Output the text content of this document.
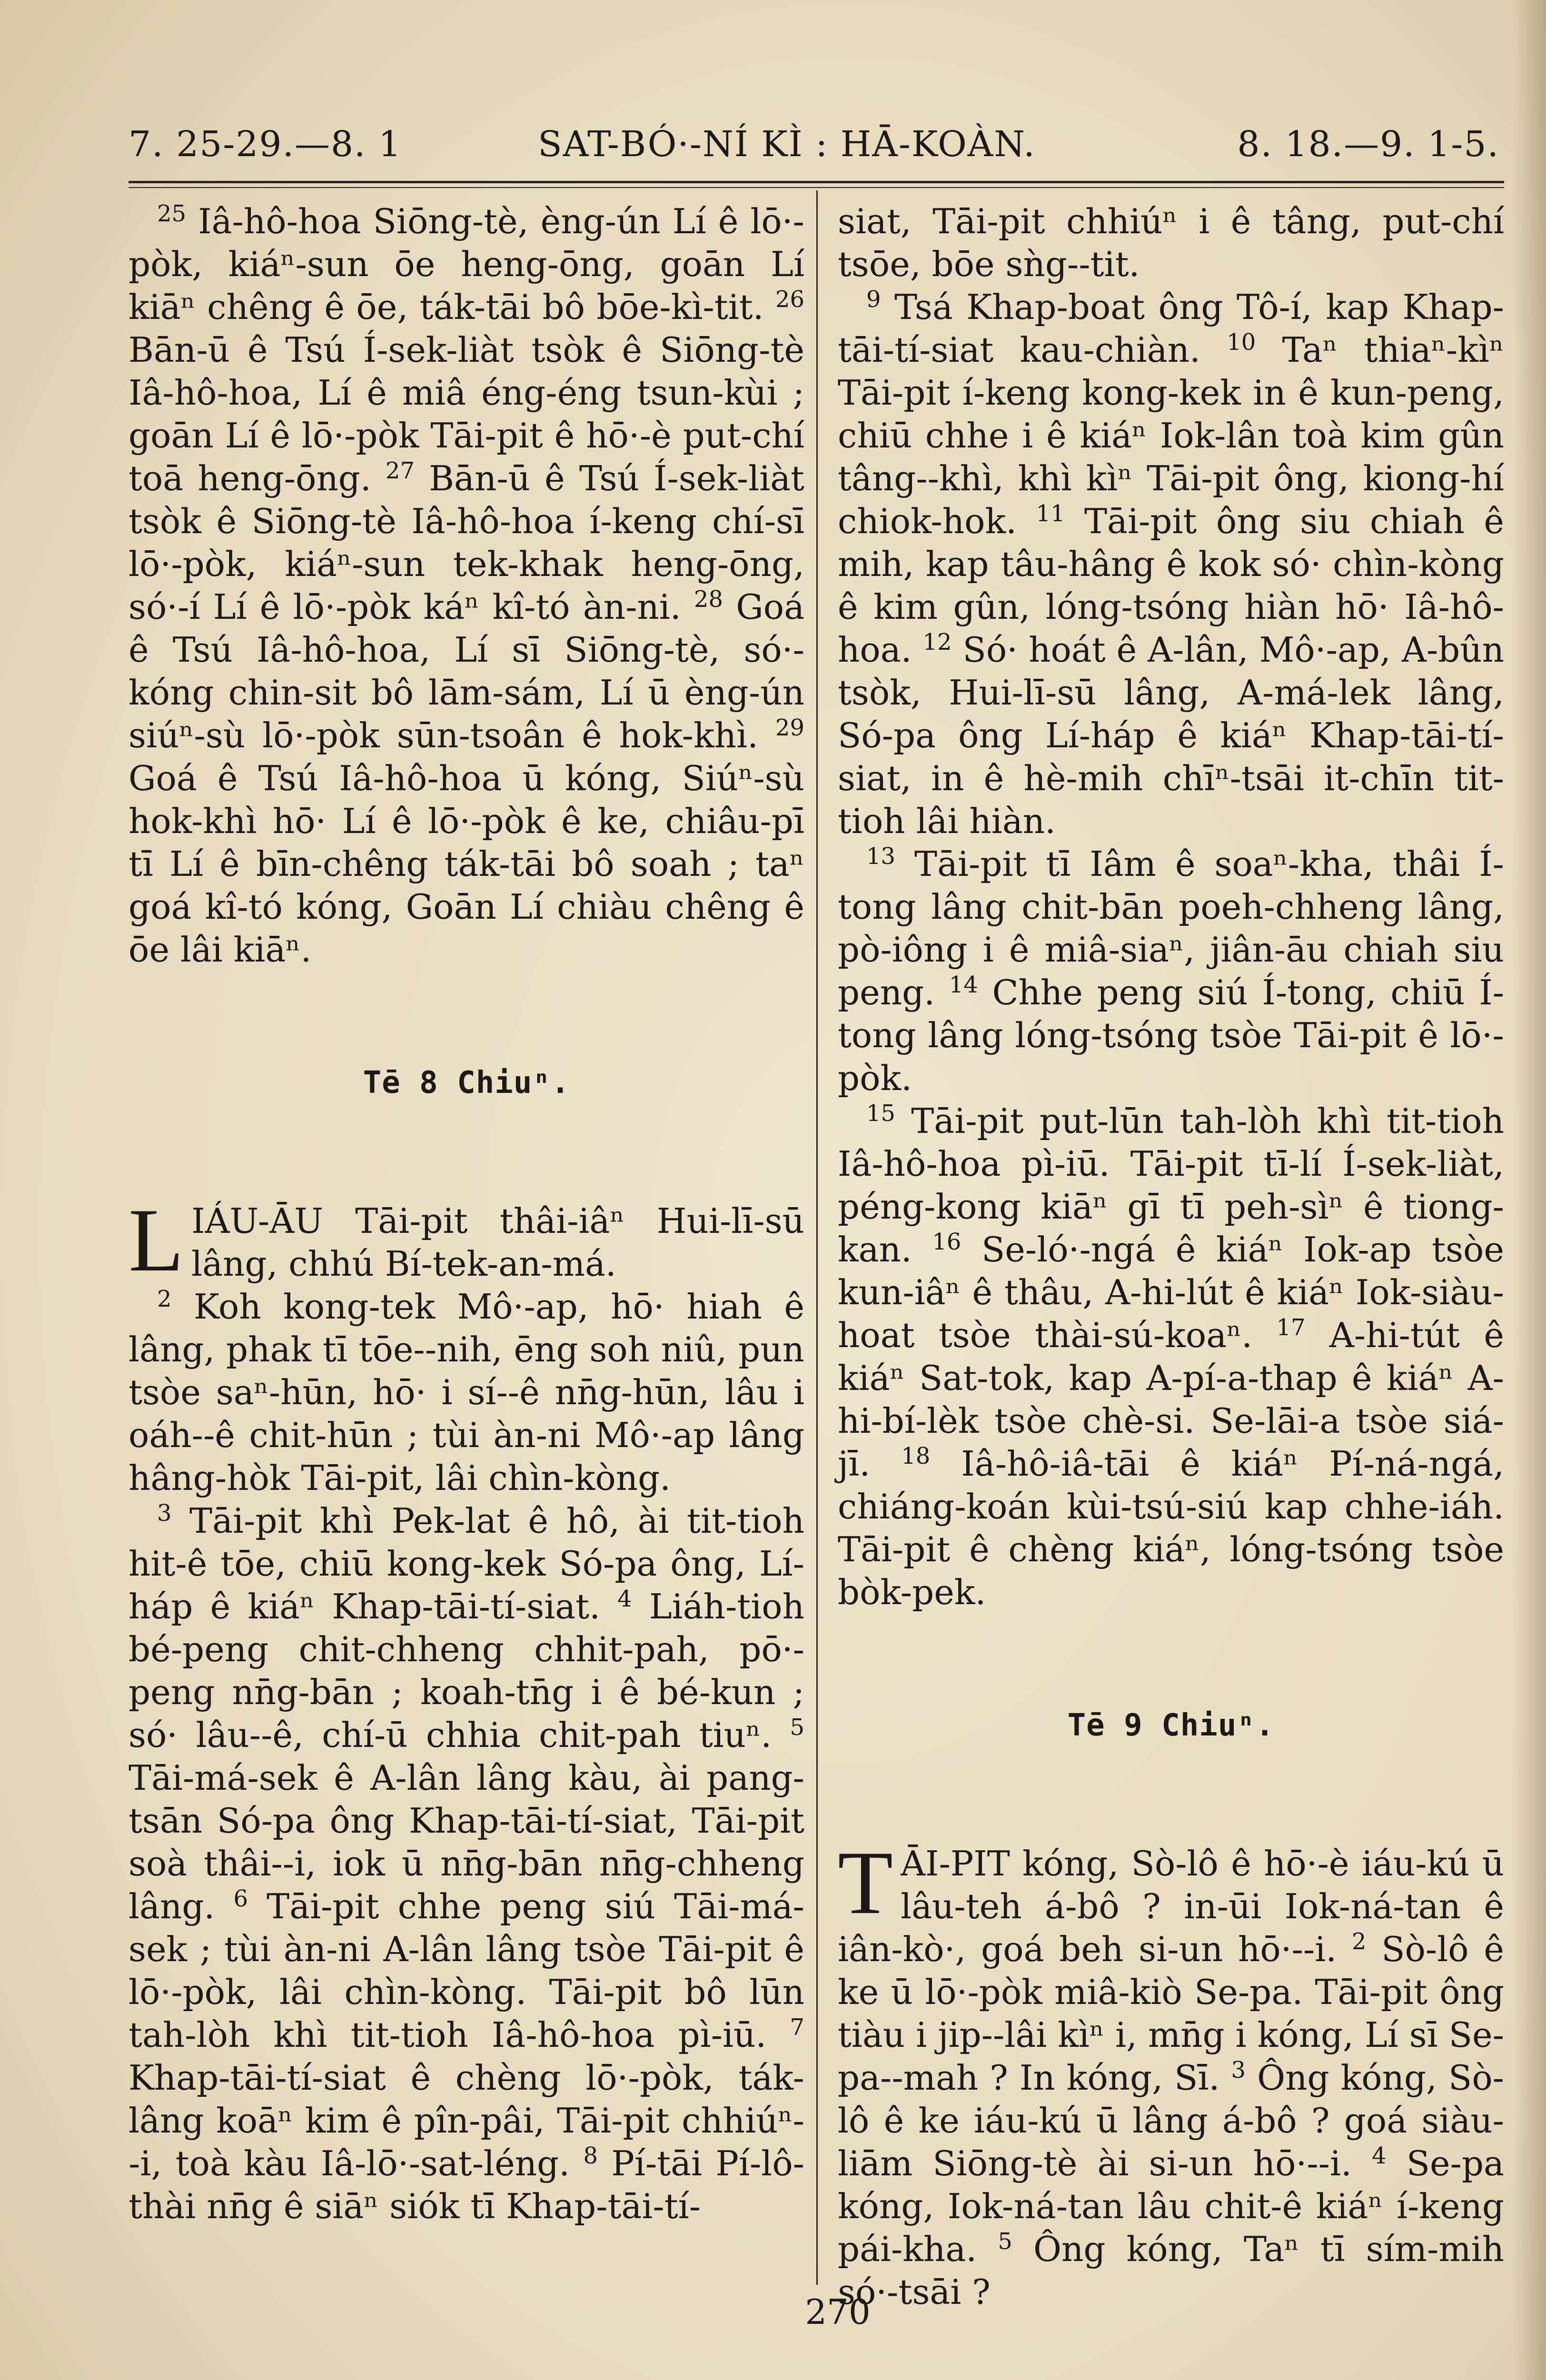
7. 25-29.—8. 1	SAT-BÓ·-NÍ KÌ : HĀ-KOÀN.	8. 18.—9. 1-5.

$^{25}$ Iâ-hô-hoa Siōng-tè, èng-ún Lí ê lō·-pòk, kiáⁿ-sun ōe heng-ōng, goān Lí kiāⁿ chêng ê ōe, ták-tāi bô bōe-kì-tit. $^{26}$ Bān-ū ê Tsú Í-sek-liàt tsòk ê Siōng-tè Iâ-hô-hoa, Lí ê miâ éng-éng tsun-kùi ; goān Lí ê lō·-pòk Tāi-pit ê hō·-è put-chí toā heng-ōng. $^{27}$ Bān-ū ê Tsú Í-sek-liàt tsòk ê Siōng-tè Iâ-hô-hoa í-keng chí-sī lō·-pòk, kiáⁿ-sun tek-khak heng-ōng, só·-í Lí ê lō·-pòk káⁿ kî-tó àn-ni. $^{28}$ Goá ê Tsú Iâ-hô-hoa, Lí sī Siōng-tè, só·-kóng chin-sit bô lām-sám, Lí ū èng-ún siúⁿ-sù lō·-pòk sūn-tsoân ê hok-khì. $^{29}$ Goá ê Tsú Iâ-hô-hoa ū kóng, Siúⁿ-sù hok-khì hō· Lí ê lō·-pòk ê ke, chiâu-pī tī Lí ê bīn-chêng ták-tāi bô soah ; taⁿ goá kî-tó kóng, Goān Lí chiàu chêng ê ōe lâi kiāⁿ.

Tē 8 Chiuⁿ.
L IÁU-ĀU Tāi-pit thâi-iâⁿ Hui-lī-sū lâng, chhú Bí-tek-an-má.

$^2$ Koh kong-tek Mô·-ap, hō· hiah ê lâng, phak tī tōe--nih, ēng soh niû, pun tsòe saⁿ-hūn, hō· i sí--ê nn̄g-hūn, lâu i oáh--ê chit-hūn ; tùi àn-ni Mô·-ap lâng hâng-hòk Tāi-pit, lâi chìn-kòng.

$^3$ Tāi-pit khì Pek-lat ê hô, ài tit-tioh hit-ê tōe, chiū kong-kek Só-pa ông, Lí-háp ê kiáⁿ Khap-tāi-tí-siat. $^4$ Liáh-tioh bé-peng chit-chheng chhit-pah, pō·-peng nn̄g-bān ; koah-tn̄g i ê bé-kun ; só· lâu--ê, chí-ū chhia chit-pah tiuⁿ. $^5$ Tāi-má-sek ê A-lân lâng kàu, ài pang-tsān Só-pa ông Khap-tāi-tí-siat, Tāi-pit soà thâi--i, iok ū nn̄g-bān nn̄g-chheng lâng. $^6$ Tāi-pit chhe peng siú Tāi-má-sek ; tùi àn-ni A-lân lâng tsòe Tāi-pit ê lō·-pòk, lâi chìn-kòng. Tāi-pit bô lūn tah-lòh khì tit-tioh Iâ-hô-hoa pì-iū. $^7$ Khap-tāi-tí-siat ê chèng lō·-pòk, ták-lâng koāⁿ kim ê pîn-pâi, Tāi-pit chhiúⁿ--i, toà kàu Iâ-lō·-sat-léng. $^8$ Pí-tāi Pí-lô-thài nn̄g ê siāⁿ siók tī Khap-tāi-tí-

siat, Tāi-pit chhiúⁿ i ê tâng, put-chí tsōe, bōe sǹg--tit.

$^9$ Tsá Khap-boat ông Tô-í, kap Khap-tāi-tí-siat kau-chiàn. $^{10}$ Taⁿ thiaⁿ-kìⁿ Tāi-pit í-keng kong-kek in ê kun-peng, chiū chhe i ê kiáⁿ Iok-lân toà kim gûn tâng--khì, khì kìⁿ Tāi-pit ông, kiong-hí chiok-hok. $^{11}$ Tāi-pit ông siu chiah ê mih, kap tâu-hâng ê kok só· chìn-kòng ê kim gûn, lóng-tsóng hiàn hō· Iâ-hô-hoa. $^{12}$ Só· hoát ê A-lân, Mô·-ap, A-bûn tsòk, Hui-lī-sū lâng, A-má-lek lâng, Só-pa ông Lí-háp ê kiáⁿ Khap-tāi-tí-siat, in ê hè-mih chīⁿ-tsāi it-chīn tit-tioh lâi hiàn.

$^{13}$ Tāi-pit tī Iâm ê soaⁿ-kha, thâi Í-tong lâng chit-bān poeh-chheng lâng, pò-iông i ê miâ-siaⁿ, jiân-āu chiah siu peng. $^{14}$ Chhe peng siú Í-tong, chiū Í-tong lâng lóng-tsóng tsòe Tāi-pit ê lō·-pòk.

$^{15}$ Tāi-pit put-lūn tah-lòh khì tit-tioh Iâ-hô-hoa pì-iū. Tāi-pit tī-lí Í-sek-liàt, péng-kong kiāⁿ gī tī peh-sìⁿ ê tiong-kan. $^{16}$ Se-ló·-ngá ê kiáⁿ Iok-ap tsòe kun-iâⁿ ê thâu, A-hi-lút ê kiáⁿ Iok-siàu-hoat tsòe thài-sú-koaⁿ. $^{17}$ A-hi-tút ê kiáⁿ Sat-tok, kap A-pí-a-thap ê kiáⁿ A-hi-bí-lèk tsòe chè-si. Se-lāi-a tsòe siá-jī. $^{18}$ Iâ-hô-iâ-tāi ê kiáⁿ Pí-ná-ngá, chiáng-koán kùi-tsú-siú kap chhe-iáh. Tāi-pit ê chèng kiáⁿ, lóng-tsóng tsòe bòk-pek.

Tē 9 Chiuⁿ.
T ĀI-PIT kóng, Sò-lô ê hō·-è iáu-kú ū lâu-teh á-bô ? in-ūi Iok-ná-tan ê iân-kò·, goá beh si-un hō·--i. $^2$ Sò-lô ê ke ū lō·-pòk miâ-kiò Se-pa. Tāi-pit ông tiàu i jip--lâi kìⁿ i, mn̄g i kóng, Lí sī Se-pa--mah ? In kóng, Sī. $^3$ Ông kóng, Sò-lô ê ke iáu-kú ū lâng á-bô ? goá siàu-liām Siōng-tè ài si-un hō·--i. $^4$ Se-pa kóng, Iok-ná-tan lâu chit-ê kiáⁿ í-keng pái-kha. $^5$ Ông kóng, Taⁿ tī sím-mih só·-tsāi ?

270
